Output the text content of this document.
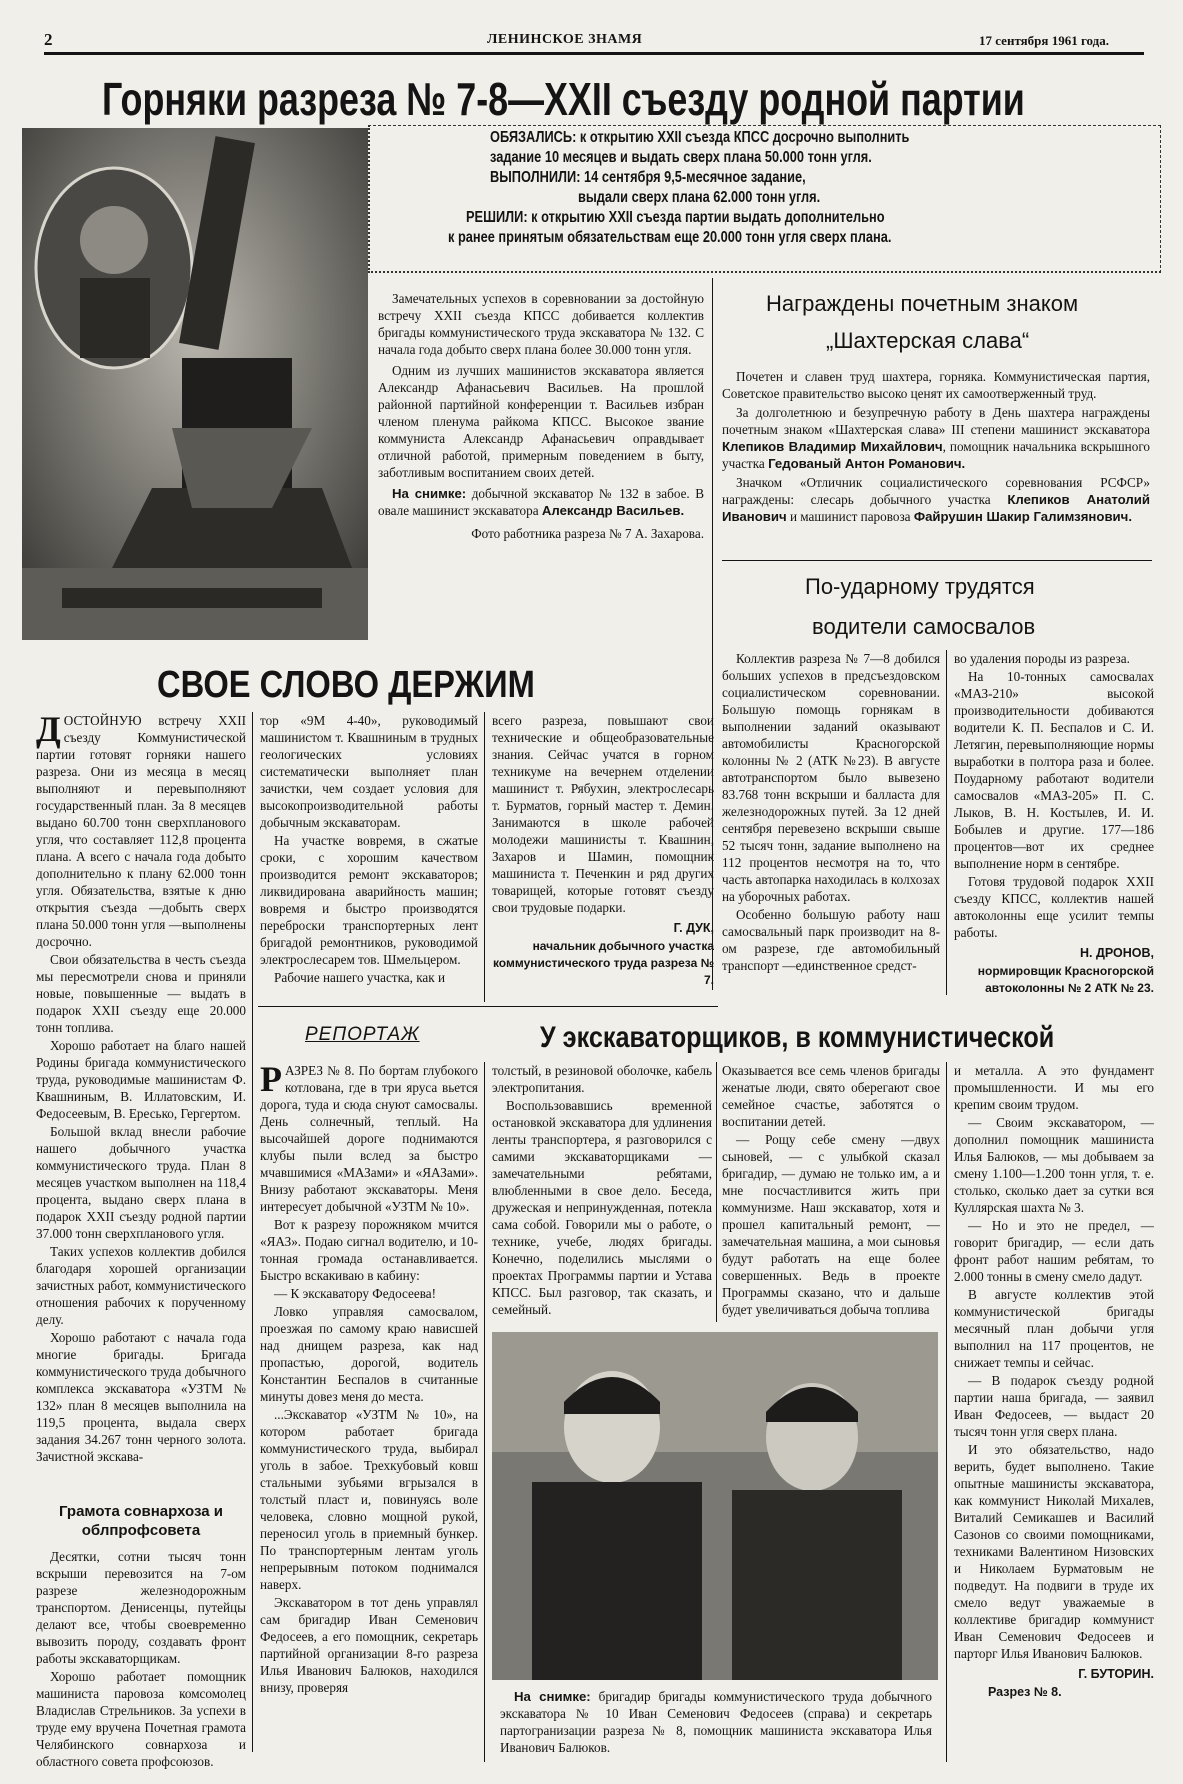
2	ЛЕНИНСКОЕ ЗНАМЯ	17 сентября 1961 года.
Горняки разреза № 7-8—XXII съезду родной партии
ОБЯЗАЛИСЬ: к открытию XXII съезда КПСС досрочно выполнить
задание 10 месяцев и выдать сверх плана 50.000 тонн угля.
ВЫПОЛНИЛИ: 14 сентября 9,5-месячное задание,
выдали сверх плана 62.000 тонн угля.
РЕШИЛИ: к открытию XXII съезда партии выдать дополнительно
к ранее принятым обязательствам еще 20.000 тонн угля сверх плана.

Замечательных успехов в соревновании за достойную встречу XXII съезда КПСС добивается коллектив бригады коммунистического труда экскаватора № 132. С начала года добыто сверх плана более 30.000 тонн угля.

Одним из лучших машинистов экскаватора является Александр Афанасьевич Васильев. На прошлой районной партийной конференции т. Васильев избран членом пленума райкома КПСС. Высокое звание коммуниста Александр Афанасьевич оправдывает отличной работой, примерным поведением в быту, заботливым воспитанием своих детей.

На снимке: добычной экскаватор № 132 в забое. В овале машинист экскаватора Александр Васильев.

Фото работника разреза № 7 А. Захарова.

Награждены почетным знаком
„Шахтерская слава“

Почетен и славен труд шахтера, горняка. Коммунистическая партия, Советское правительство высоко ценят их самоотверженный труд.

За долголетнюю и безупречную работу в День шахтера награждены почетным знаком «Шахтерская слава» III степени машинист экскаватора Клепиков Владимир Михайлович, помощник начальника вскрышного участка Гедованый Антон Романович.

Значком «Отличник социалистического соревнования РСФСР» награждены: слесарь добычного участка Клепиков Анатолий Иванович и машинист паровоза Файрушин Шакир Галимзянович.

По-ударному трудятся
водители самосвалов

Коллектив разреза № 7—8 добился больших успехов в предсъездовском социалистическом соревновании. Большую помощь горнякам в выполнении заданий оказывают автомобилисты Красногорской колонны № 2 (АТК №23). В августе автотранспортом было вывезено 83.768 тонн вскрыши и балласта для железнодорожных путей. За 12 дней сентября перевезено вскрыши свыше 52 тысяч тонн, задание выполнено на 112 процентов несмотря на то, что часть автопарка находилась в колхозах на уборочных работах.

Особенно большую работу наш самосвальный парк производит на 8-ом разрезе, где автомобильный транспорт —единственное средст-

во удаления породы из разреза.

На 10-тонных самосвалах «МАЗ-210» высокой производительности добиваются водители К. П. Беспалов и С. И. Летягин, перевыполняющие нормы выработки в полтора раза и более. Поударному работают водители самосвалов «МАЗ-205» П. С. Лыков, В. Н. Костылев, И. И. Бобылев и другие. 177—186 процентов—вот их среднее выполнение норм в сентябре.

Готовя трудовой подарок XXII съезду КПСС, коллектив нашей автоколонны еще усилит темпы работы.

Н. ДРОНОВ,

нормировщик Красногорской автоколонны № 2 АТК № 23.

СВОЕ СЛОВО ДЕРЖИМ

ДОСТОЙНУЮ встречу XXII съезду Коммунистической партии готовят горняки нашего разреза. Они из месяца в месяц выполняют и перевыполняют государственный план. За 8 месяцев выдано 60.700 тонн сверхпланового угля, что составляет 112,8 процента плана. А всего с начала года добыто дополнительно к плану 62.000 тонн угля. Обязательства, взятые к дню открытия съезда —добыть сверх плана 50.000 тонн угля —выполнены досрочно.

Свои обязательства в честь съезда мы пересмотрели снова и приняли новые, повышенные — выдать в подарок XXII съезду еще 20.000 тонн топлива.

Хорошо работает на благо нашей Родины бригада коммунистического труда, руководимые машинистам Ф. Квашниным, В. Иллатовским, И. Федосеевым, В. Ересько, Гергертом.

Большой вклад внесли рабочие нашего добычного участка коммунистического труда. План 8 месяцев участком выполнен на 118,4 процента, выдано сверх плана в подарок XXII съезду родной партии 37.000 тонн сверхпланового угля.

Таких успехов коллектив добился благодаря хорошей организации зачистных работ, коммунистического отношения рабочих к порученному делу.

Хорошо работают с начала года многие бригады. Бригада коммунистического труда добычного комплекса экскаватора «УЗТМ № 132» план 8 месяцев выполнила на 119,5 процента, выдала сверх задания 34.267 тонн черного золота. Зачистной экскава-

тор «9М 4-40», руководимый машинистом т. Квашниным в трудных геологических условиях систематически выполняет план зачистки, чем создает условия для высокопроизводительной работы добычным экскаваторам.

На участке вовремя, в сжатые сроки, с хорошим качеством производится ремонт экскаваторов; ликвидирована аварийность машин; вовремя и быстро производятся переброски транспортерных лент бригадой ремонтников, руководимой электрослесарем тов. Шмельцером.

Рабочие нашего участка, как и

всего разреза, повышают свои технические и общеобразовательные знания. Сейчас учатся в горном техникуме на вечернем отделении машинист т. Рябухин, электрослесарь т. Бурматов, горный мастер т. Демин. Занимаются в школе рабочей молодежи машинисты т. Квашнин, Захаров и Шамин, помощник машиниста т. Печенкин и ряд других товарищей, которые готовят съезду свои трудовые подарки.

Г. ДУК,

начальник добычного участка коммунистического труда разреза № 7.

Грамота совнархоза и облпрофсовета

Десятки, сотни тысяч тонн вскрыши перевозится на 7-ом разрезе железнодорожным транспортом. Денисенцы, путейцы делают все, чтобы своевременно вывозить породу, создавать фронт работы экскаваторщикам.

Хорошо работает помощник машиниста паровоза комсомолец Владислав Стрельников. За успехи в труде ему вручена Почетная грамота Челябинского совнархоза и областного совета профсоюзов.

РЕПОРТАЖ	У экскаваторщиков, в коммунистической

РАЗРЕЗ № 8. По бортам глубокого котлована, где в три яруса вьется дорога, туда и сюда снуют самосвалы. День солнечный, теплый. На высочайшей дороге поднимаются клубы пыли вслед за быстро мчавшимися «МАЗами» и «ЯАЗами». Внизу работают экскаваторы. Меня интересует добычной «УЗТМ № 10».

Вот к разрезу порожняком мчится «ЯАЗ». Подаю сигнал водителю, и 10-тонная громада останавливается. Быстро вскакиваю в кабину:

— К экскаватору Федосеева!

Ловко управляя самосвалом, проезжая по самому краю нависшей над днищем разреза, как над пропастью, дорогой, водитель Константин Беспалов в считанные минуты довез меня до места.

...Экскаватор «УЗТМ № 10», на котором работает бригада коммунистического труда, выбирал уголь в забое. Трехкубовый ковш стальными зубьями вгрызался в толстый пласт и, повинуясь воле человека, словно мощной рукой, переносил уголь в приемный бункер. По транспортерным лентам уголь непрерывным потоком поднимался наверх.

Экскаватором в тот день управлял сам бригадир Иван Семенович Федосеев, а его помощник, секретарь партийной организации 8-го разреза Илья Иванович Балюков, находился внизу, проверяя

толстый, в резиновой оболочке, кабель электропитания.

Воспользовавшись временной остановкой экскаватора для удлинения ленты транспортера, я разговорился с самими экскаваторщиками — замечательными ребятами, влюбленными в свое дело. Беседа, дружеская и непринужденная, потекла сама собой. Говорили мы о работе, о технике, учебе, людях бригады. Конечно, поделились мыслями о проектах Программы партии и Устава КПСС. Был разговор, так сказать, и семейный.

Оказывается все семь членов бригады женатые люди, свято оберегают свое семейное счастье, заботятся о воспитании детей.

— Рощу себе смену —двух сыновей, — с улыбкой сказал бригадир, — думаю не только им, а и мне посчастливится жить при коммунизме. Наш экскаватор, хотя и прошел капитальный ремонт, — замечательная машина, а мои сыновья будут работать на еще более совершенных. Ведь в проекте Программы сказано, что и дальше будет увеличиваться добыча топлива

На снимке: бригадир бригады коммунистического труда добычного экскаватора № 10 Иван Семенович Федосеев (справа) и секретарь партогранизации разреза № 8, помощник машиниста экскаватора Илья Иванович Балюков.

и металла. А это фундамент промышленности. И мы его крепим своим трудом.

— Своим экскаватором, — дополнил помощник машиниста Илья Балюков, — мы добываем за смену 1.100—1.200 тонн угля, т. е. столько, сколько дает за сутки вся Куллярская шахта № 3.

— Но и это не предел, — говорит бригадир, — если дать фронт работ нашим ребятам, то 2.000 тонны в смену смело дадут.

В августе коллектив этой коммунистической бригады месячный план добычи угля выполнил на 117 процентов, не снижает темпы и сейчас.

— В подарок съезду родной партии наша бригада, — заявил Иван Федосеев, — выдаст 20 тысяч тонн угля сверх плана.

И это обязательство, надо верить, будет выполнено. Такие опытные машинисты экскаватора, как коммунист Николай Михалев, Виталий Семикашев и Василий Сазонов со своими помощниками, техниками Валентином Низовских и Николаем Бурматовым не подведут. На подвиги в труде их смело ведут уважаемые в коллективе бригадир коммунист Иван Семенович Федосеев и парторг Илья Иванович Балюков.

Г. БУТОРИН.

Разрез № 8.
